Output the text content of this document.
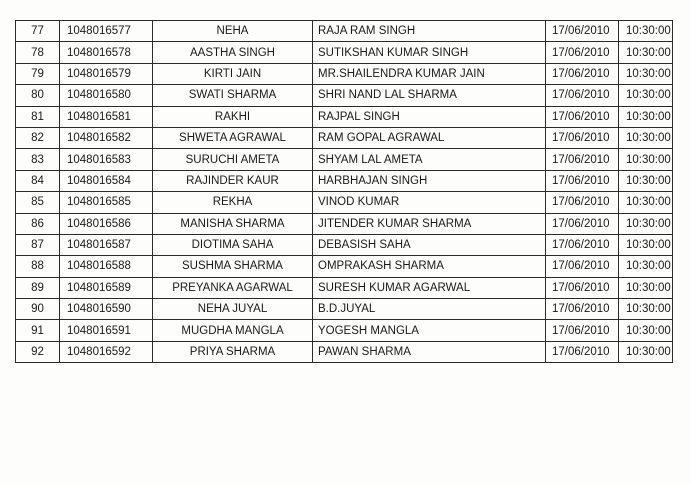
77	1048016577	NEHA	RAJA RAM SINGH	17/06/2010	10:30:00
78	1048016578	AASTHA SINGH	SUTIKSHAN KUMAR SINGH	17/06/2010	10:30:00
79	1048016579	KIRTI JAIN	MR.SHAILENDRA KUMAR JAIN	17/06/2010	10:30:00
80	1048016580	SWATI SHARMA	SHRI NAND LAL SHARMA	17/06/2010	10:30:00
81	1048016581	RAKHI	RAJPAL SINGH	17/06/2010	10:30:00
82	1048016582	SHWETA AGRAWAL	RAM GOPAL AGRAWAL	17/06/2010	10:30:00
83	1048016583	SURUCHI AMETA	SHYAM LAL AMETA	17/06/2010	10:30:00
84	1048016584	RAJINDER KAUR	HARBHAJAN SINGH	17/06/2010	10:30:00
85	1048016585	REKHA	VINOD KUMAR	17/06/2010	10:30:00
86	1048016586	MANISHA SHARMA	JITENDER KUMAR SHARMA	17/06/2010	10:30:00
87	1048016587	DIOTIMA SAHA	DEBASISH SAHA	17/06/2010	10:30:00
88	1048016588	SUSHMA SHARMA	OMPRAKASH SHARMA	17/06/2010	10:30:00
89	1048016589	PREYANKA AGARWAL	SURESH KUMAR AGARWAL	17/06/2010	10:30:00
90	1048016590	NEHA JUYAL	B.D.JUYAL	17/06/2010	10:30:00
91	1048016591	MUGDHA MANGLA	YOGESH MANGLA	17/06/2010	10:30:00
92	1048016592	PRIYA SHARMA	PAWAN SHARMA	17/06/2010	10:30:00
